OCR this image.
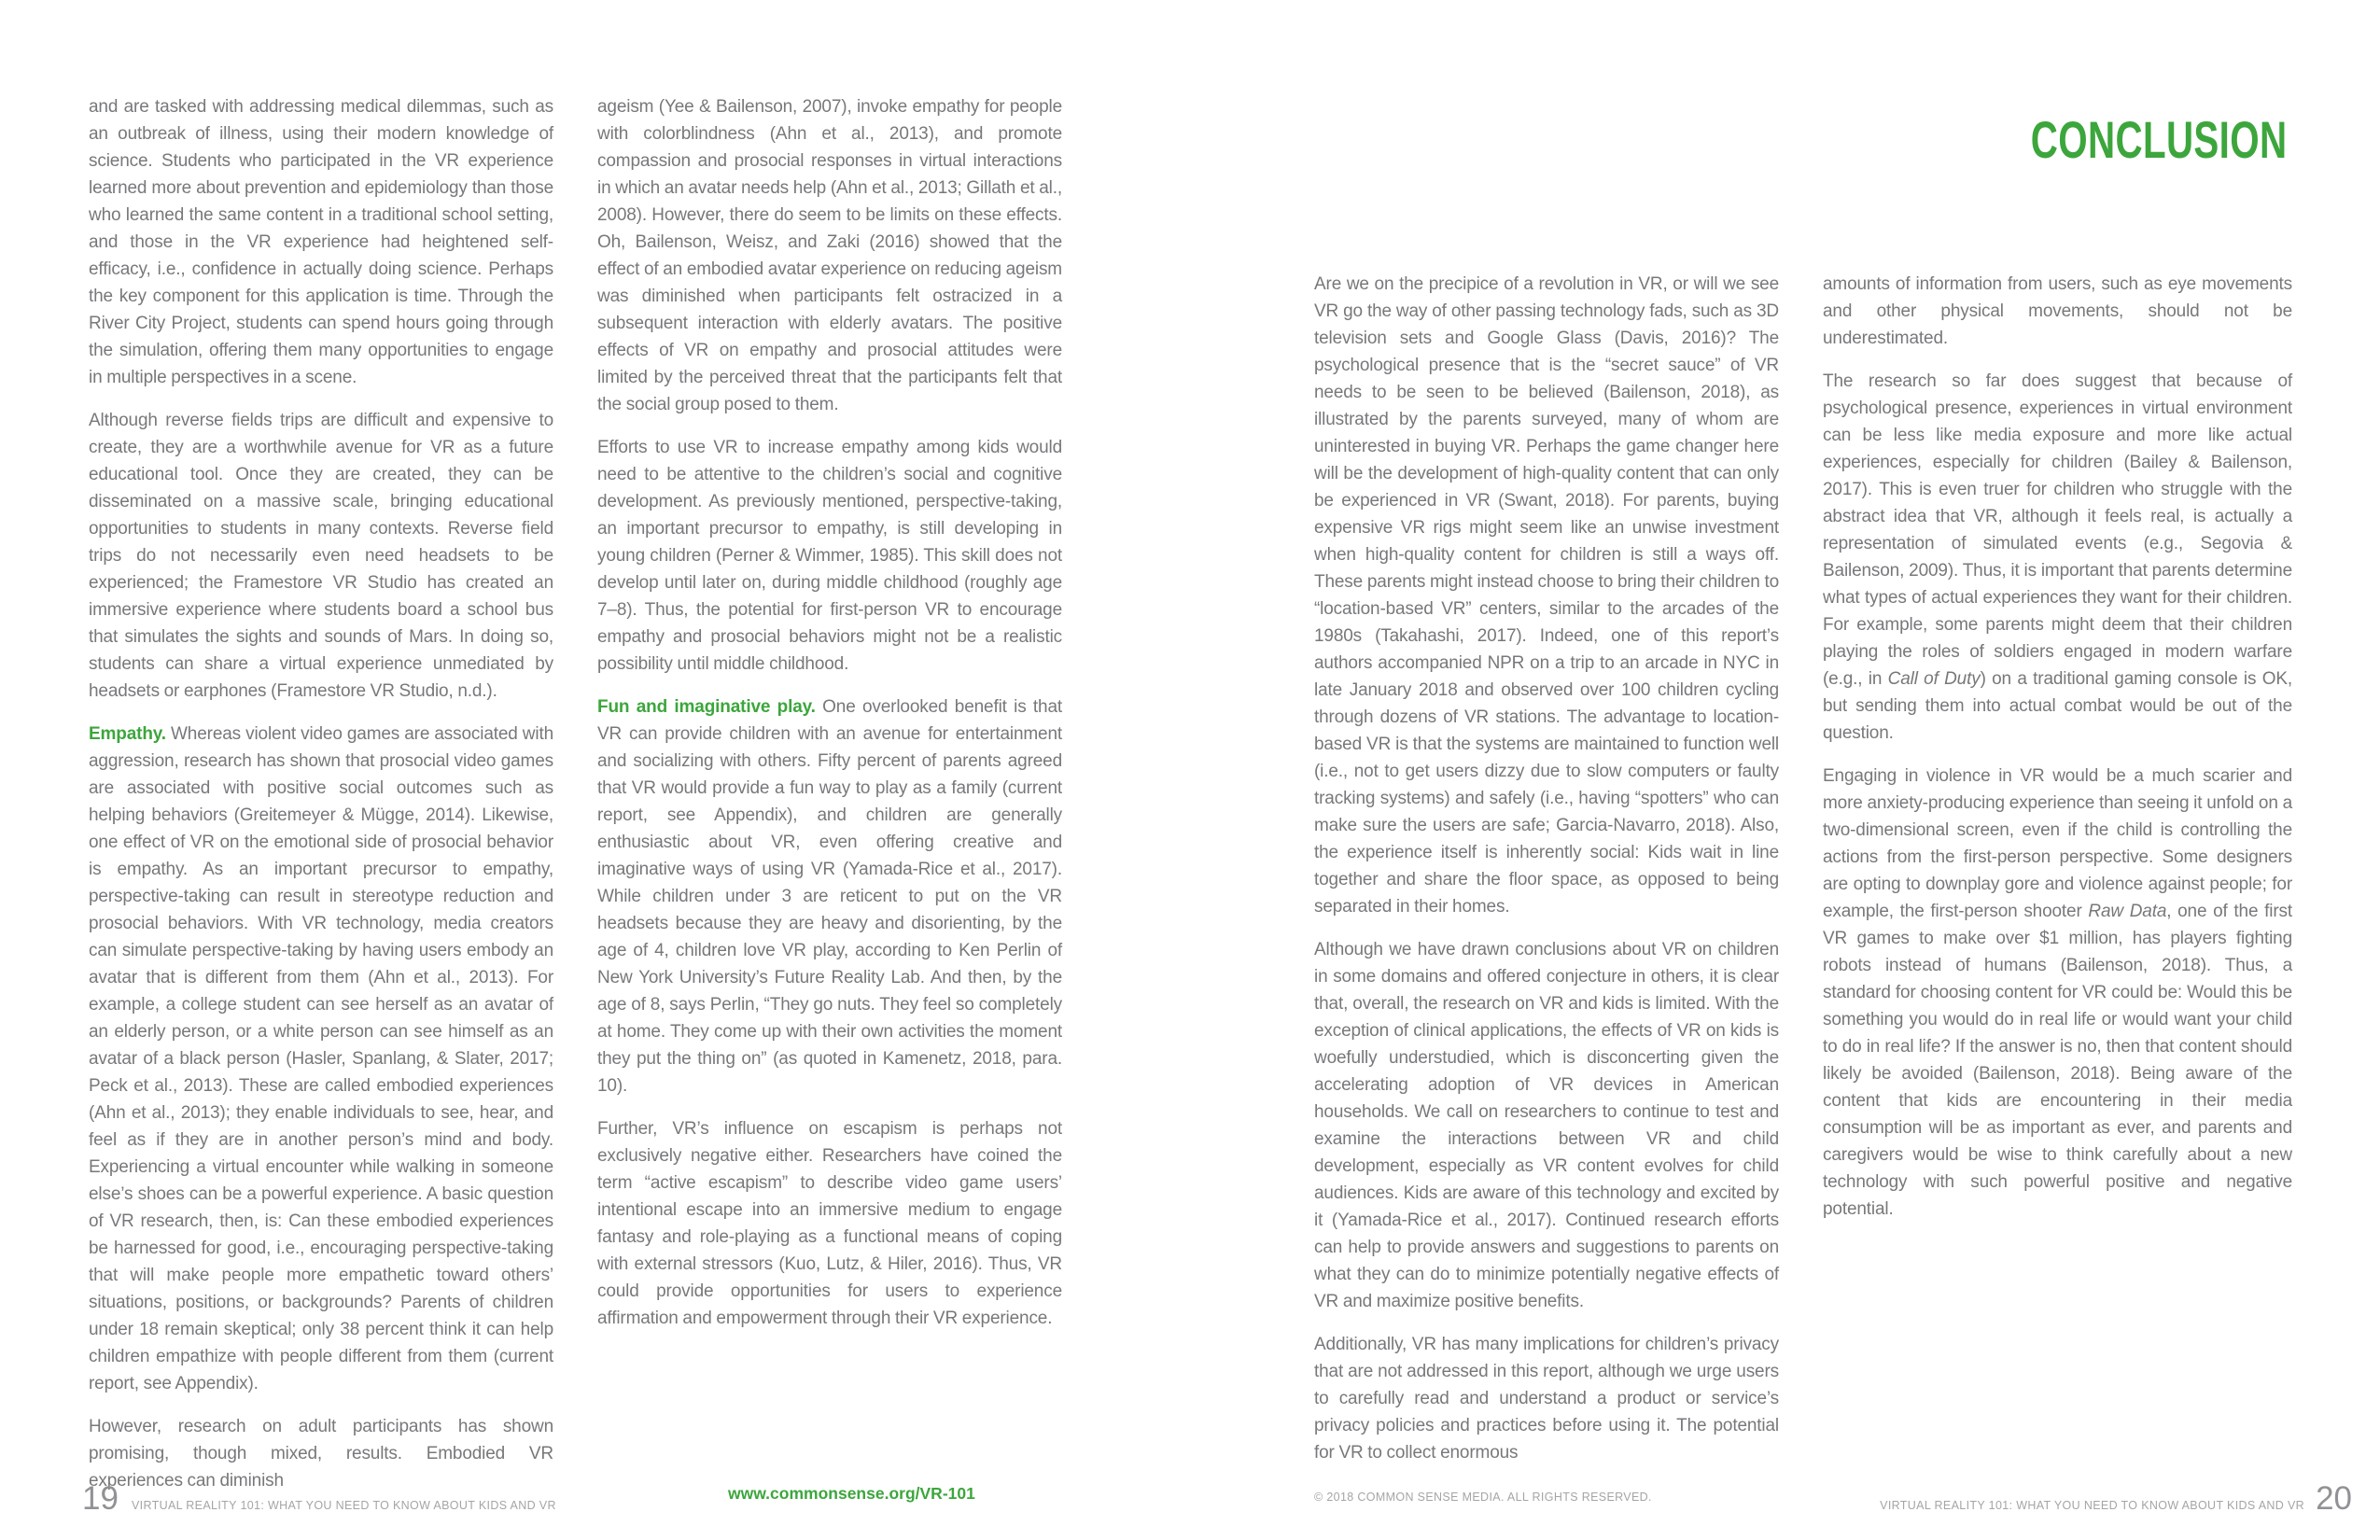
and are tasked with addressing medical dilemmas, such as an outbreak of illness, using their modern knowledge of science. Students who participated in the VR experience learned more about prevention and epidemiology than those who learned the same content in a traditional school setting, and those in the VR experience had heightened self-efficacy, i.e., confidence in actually doing science. Perhaps the key component for this application is time. Through the River City Project, students can spend hours going through the simulation, offering them many opportunities to engage in multiple perspectives in a scene.

Although reverse fields trips are difficult and expensive to create, they are a worthwhile avenue for VR as a future educational tool. Once they are created, they can be disseminated on a massive scale, bringing educational opportunities to students in many contexts. Reverse field trips do not necessarily even need headsets to be experienced; the Framestore VR Studio has created an immersive experience where students board a school bus that simulates the sights and sounds of Mars. In doing so, students can share a virtual experience unmediated by headsets or earphones (Framestore VR Studio, n.d.).

Empathy. Whereas violent video games are associated with aggression, research has shown that prosocial video games are associated with positive social outcomes such as helping behaviors (Greitemeyer & Mügge, 2014). Likewise, one effect of VR on the emotional side of prosocial behavior is empathy. As an important precursor to empathy, perspective-taking can result in stereotype reduction and prosocial behaviors. With VR technology, media creators can simulate perspective-taking by having users embody an avatar that is different from them (Ahn et al., 2013). For example, a college student can see herself as an avatar of an elderly person, or a white person can see himself as an avatar of a black person (Hasler, Spanlang, & Slater, 2017; Peck et al., 2013). These are called embodied experiences (Ahn et al., 2013); they enable individuals to see, hear, and feel as if they are in another person’s mind and body. Experiencing a virtual encounter while walking in someone else’s shoes can be a powerful experience. A basic question of VR research, then, is: Can these embodied experiences be harnessed for good, i.e., encouraging perspective-taking that will make people more empathetic toward others’ situations, positions, or backgrounds? Parents of children under 18 remain skeptical; only 38 percent think it can help children empathize with people different from them (current report, see Appendix).

However, research on adult participants has shown promising, though mixed, results. Embodied VR experiences can diminish

ageism (Yee & Bailenson, 2007), invoke empathy for people with colorblindness (Ahn et al., 2013), and promote compassion and prosocial responses in virtual interactions in which an avatar needs help (Ahn et al., 2013; Gillath et al., 2008). However, there do seem to be limits on these effects. Oh, Bailenson, Weisz, and Zaki (2016) showed that the effect of an embodied avatar experience on reducing ageism was diminished when participants felt ostracized in a subsequent interaction with elderly avatars. The positive effects of VR on empathy and prosocial attitudes were limited by the perceived threat that the participants felt that the social group posed to them.

Efforts to use VR to increase empathy among kids would need to be attentive to the children’s social and cognitive development. As previously mentioned, perspective-taking, an important precursor to empathy, is still developing in young children (Perner & Wimmer, 1985). This skill does not develop until later on, during middle childhood (roughly age 7–8). Thus, the potential for first-person VR to encourage empathy and prosocial behaviors might not be a realistic possibility until middle childhood.

Fun and imaginative play. One overlooked benefit is that VR can provide children with an avenue for entertainment and socializing with others. Fifty percent of parents agreed that VR would provide a fun way to play as a family (current report, see Appendix), and children are generally enthusiastic about VR, even offering creative and imaginative ways of using VR (Yamada-Rice et al., 2017). While children under 3 are reticent to put on the VR headsets because they are heavy and disorienting, by the age of 4, children love VR play, according to Ken Perlin of New York University’s Future Reality Lab. And then, by the age of 8, says Perlin, “They go nuts. They feel so completely at home. They come up with their own activities the moment they put the thing on” (as quoted in Kamenetz, 2018, para. 10).

Further, VR’s influence on escapism is perhaps not exclusively negative either. Researchers have coined the term “active escapism” to describe video game users’ intentional escape into an immersive medium to engage fantasy and role-playing as a functional means of coping with external stressors (Kuo, Lutz, & Hiler, 2016). Thus, VR could provide opportunities for users to experience affirmation and empowerment through their VR experience.

19 VIRTUAL REALITY 101: WHAT YOU NEED TO KNOW ABOUT KIDS AND VR
www.commonsense.org/VR-101
CONCLUSION

Are we on the precipice of a revolution in VR, or will we see VR go the way of other passing technology fads, such as 3D television sets and Google Glass (Davis, 2016)? The psychological presence that is the “secret sauce” of VR needs to be seen to be believed (Bailenson, 2018), as illustrated by the parents surveyed, many of whom are uninterested in buying VR. Perhaps the game changer here will be the development of high-quality content that can only be experienced in VR (Swant, 2018). For parents, buying expensive VR rigs might seem like an unwise investment when high-quality content for children is still a ways off. These parents might instead choose to bring their children to “location-based VR” centers, similar to the arcades of the 1980s (Takahashi, 2017). Indeed, one of this report’s authors accompanied NPR on a trip to an arcade in NYC in late January 2018 and observed over 100 children cycling through dozens of VR stations. The advantage to location-based VR is that the systems are maintained to function well (i.e., not to get users dizzy due to slow computers or faulty tracking systems) and safely (i.e., having “spotters” who can make sure the users are safe; Garcia-Navarro, 2018). Also, the experience itself is inherently social: Kids wait in line together and share the floor space, as opposed to being separated in their homes.

Although we have drawn conclusions about VR on children in some domains and offered conjecture in others, it is clear that, overall, the research on VR and kids is limited. With the exception of clinical applications, the effects of VR on kids is woefully understudied, which is disconcerting given the accelerating adoption of VR devices in American households. We call on researchers to continue to test and examine the interactions between VR and child development, especially as VR content evolves for child audiences. Kids are aware of this technology and excited by it (Yamada-Rice et al., 2017). Continued research efforts can help to provide answers and suggestions to parents on what they can do to minimize potentially negative effects of VR and maximize positive benefits.

Additionally, VR has many implications for children’s privacy that are not addressed in this report, although we urge users to carefully read and understand a product or service’s privacy policies and practices before using it. The potential for VR to collect enormous

amounts of information from users, such as eye movements and other physical movements, should not be underestimated.

The research so far does suggest that because of psychological presence, experiences in virtual environment can be less like media exposure and more like actual experiences, especially for children (Bailey & Bailenson, 2017). This is even truer for children who struggle with the abstract idea that VR, although it feels real, is actually a representation of simulated events (e.g., Segovia & Bailenson, 2009). Thus, it is important that parents determine what types of actual experiences they want for their children. For example, some parents might deem that their children playing the roles of soldiers engaged in modern warfare (e.g., in Call of Duty) on a traditional gaming console is OK, but sending them into actual combat would be out of the question.

Engaging in violence in VR would be a much scarier and more anxiety-producing experience than seeing it unfold on a two-dimensional screen, even if the child is controlling the actions from the first-person perspective. Some designers are opting to downplay gore and violence against people; for example, the first-person shooter Raw Data, one of the first VR games to make over $1 million, has players fighting robots instead of humans (Bailenson, 2018). Thus, a standard for choosing content for VR could be: Would this be something you would do in real life or would want your child to do in real life? If the answer is no, then that content should likely be avoided (Bailenson, 2018). Being aware of the content that kids are encountering in their media consumption will be as important as ever, and parents and caregivers would be wise to think carefully about a new technology with such powerful positive and negative potential.

© 2018 COMMON SENSE MEDIA. ALL RIGHTS RESERVED.
VIRTUAL REALITY 101: WHAT YOU NEED TO KNOW ABOUT KIDS AND VR 20
